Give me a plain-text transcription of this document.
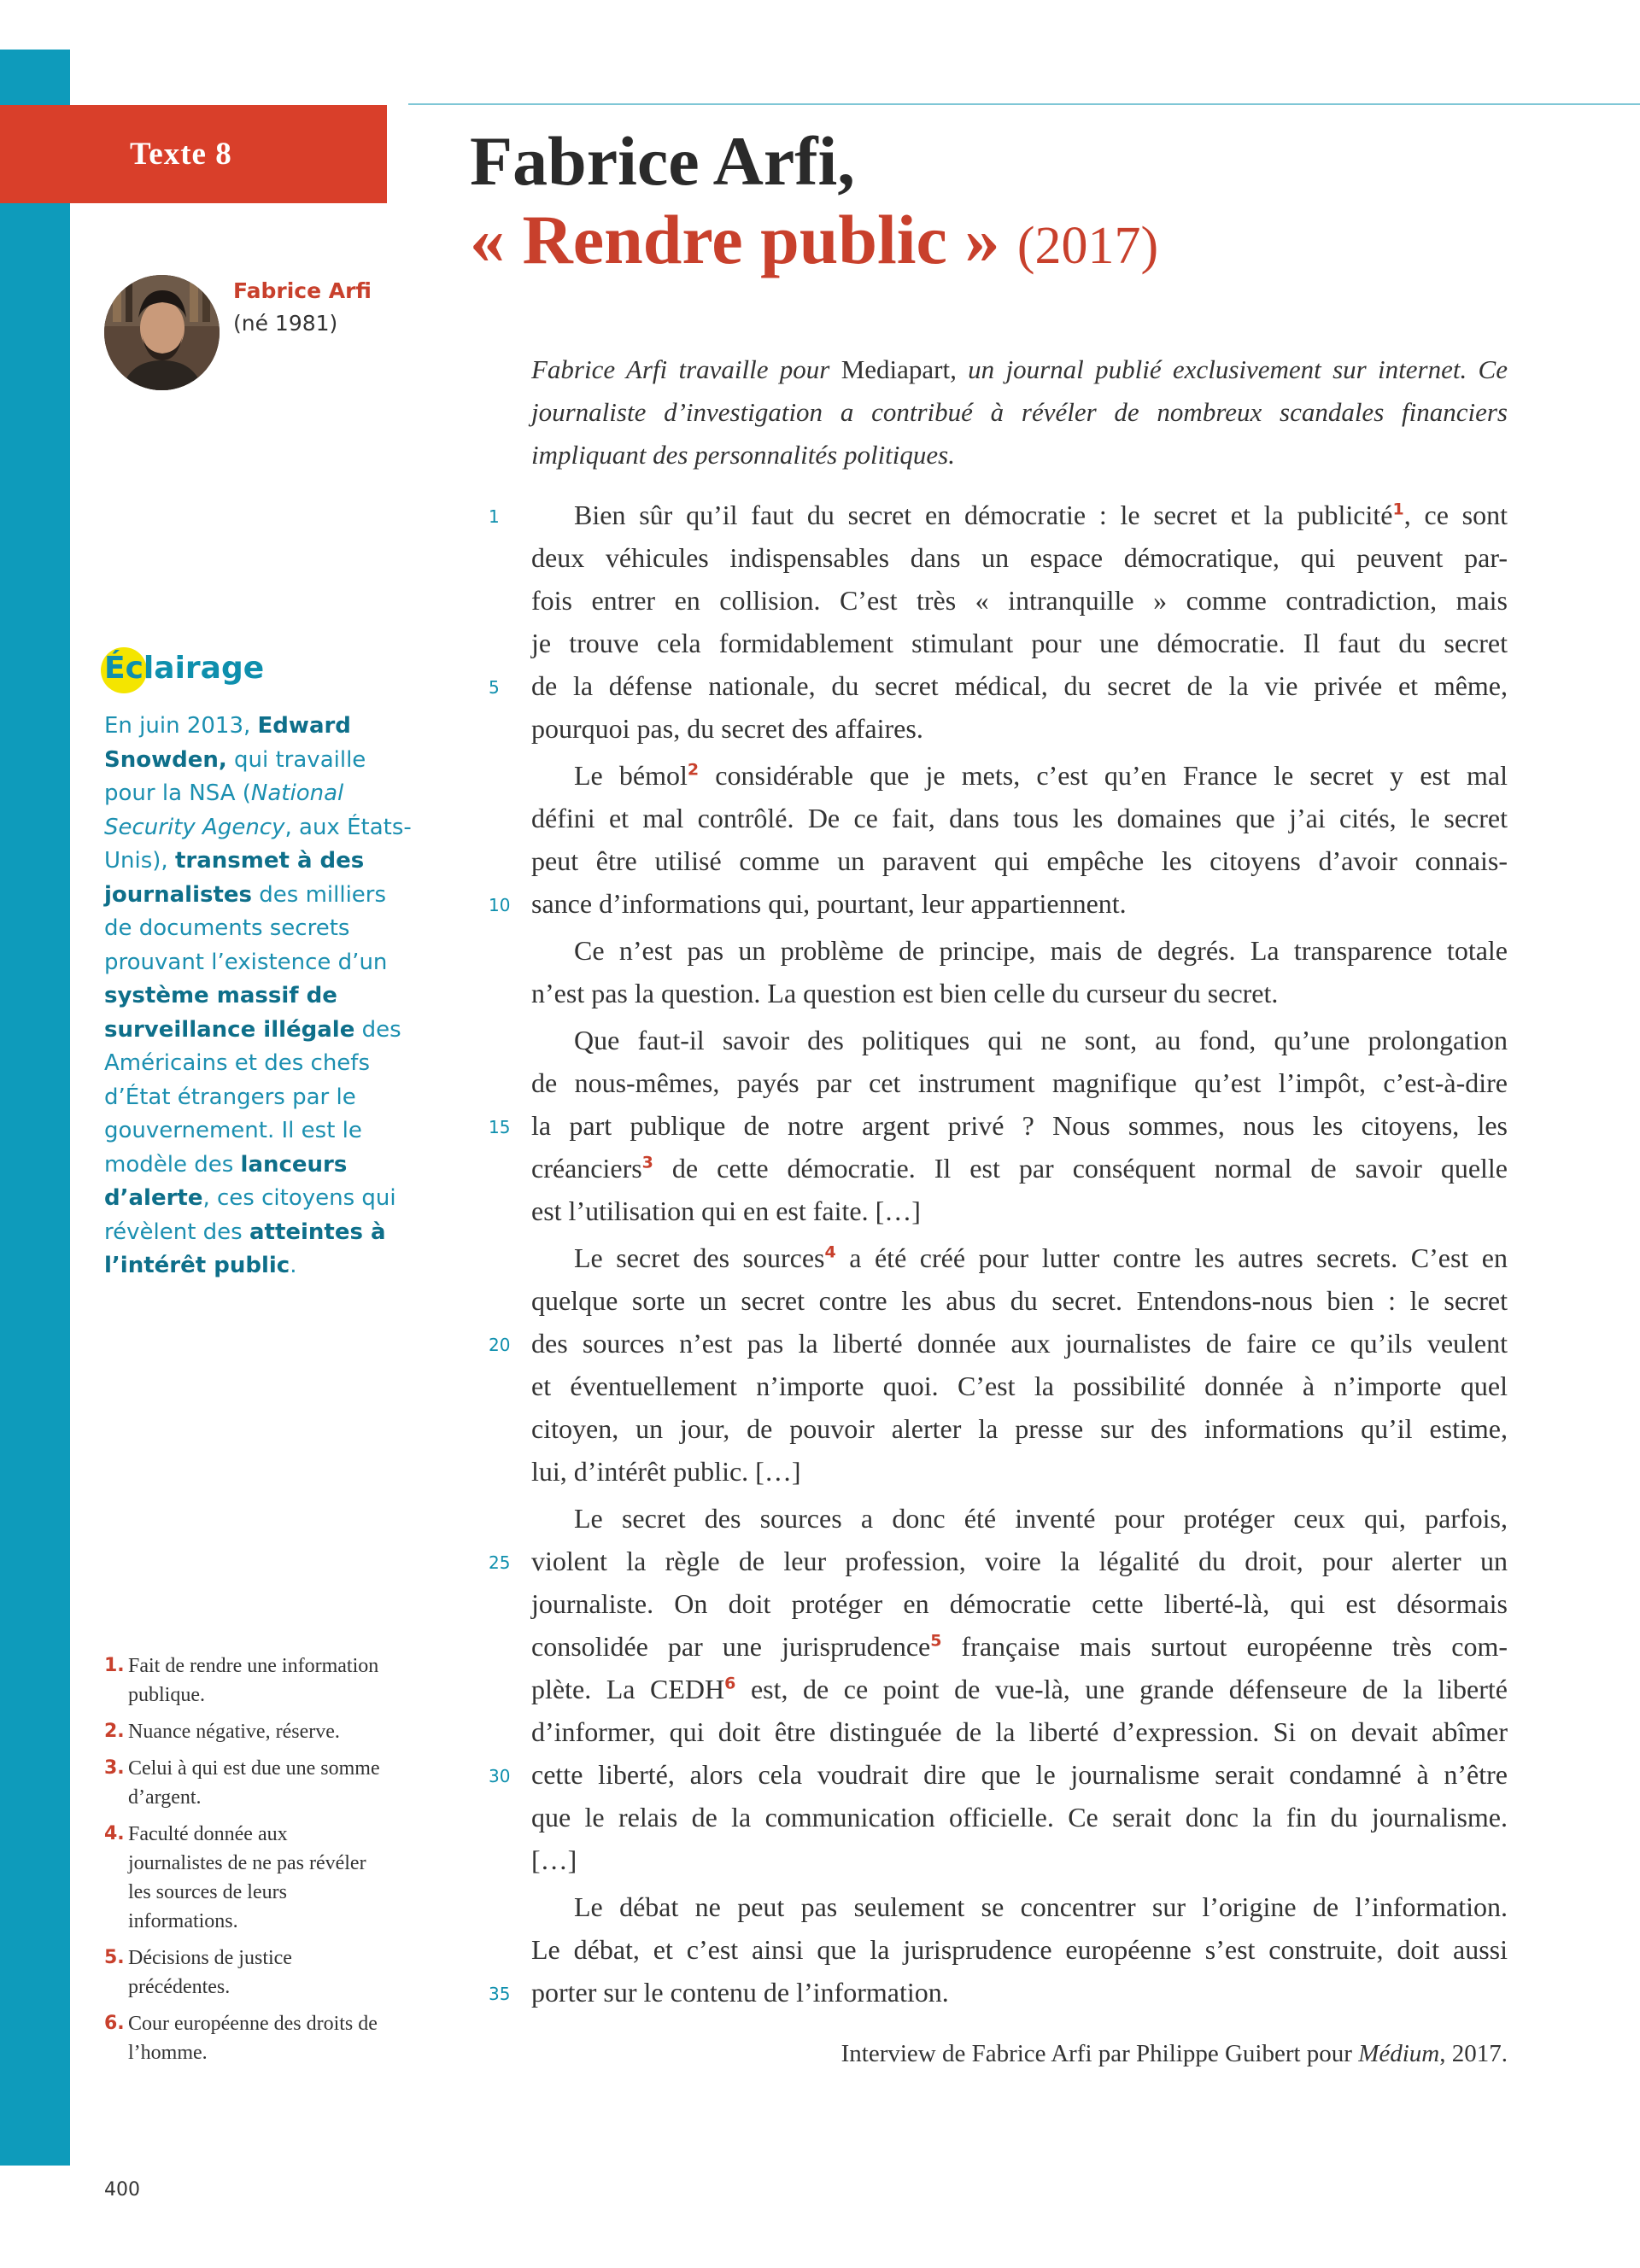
Texte 8	Fabrice Arfi,
« Rendre public » (2017)
Fabrice Arfi
(né 1981)
Éclairage
En juin 2013, Edward Snowden, qui travaille pour la NSA (National Security Agency, aux États-Unis), transmet à des journalistes des milliers de documents secrets prouvant l’existence d’un système massif de surveillance illégale des Américains et des chefs d’État étrangers par le gouvernement. Il est le modèle des lanceurs d’alerte, ces citoyens qui révèlent des atteintes à l’intérêt public.
1. Fait de rendre une information publique.
2. Nuance négative, réserve.
3. Celui à qui est due une somme d’argent.
4. Faculté donnée aux journalistes de ne pas révéler les sources de leurs informations.
5. Décisions de justice précédentes.
6. Cour européenne des droits de l’homme.
Fabrice Arfi travaille pour Mediapart, un journal publié exclusivement sur internet. Ce journaliste d’investigation a contribué à révéler de nombreux scandales financiers impliquant des personnalités politiques.
1	Bien sûr qu’il faut du secret en démocratie : le secret et la publicité$^1$, ce sont
deux véhicules indispensables dans un espace démocratique, qui peuvent par-
fois entrer en collision. C’est très « intranquille » comme contradiction, mais
je trouve cela formidablement stimulant pour une démocratie. Il faut du secret
5	de la défense nationale, du secret médical, du secret de la vie privée et même,
pourquoi pas, du secret des affaires.
Le bémol$^2$ considérable que je mets, c’est qu’en France le secret y est mal
défini et mal contrôlé. De ce fait, dans tous les domaines que j’ai cités, le secret
peut être utilisé comme un paravent qui empêche les citoyens d’avoir connais-
10 sance d’informations qui, pourtant, leur appartiennent.
Ce n’est pas un problème de principe, mais de degrés. La transparence totale
n’est pas la question. La question est bien celle du curseur du secret.
Que faut-il savoir des politiques qui ne sont, au fond, qu’une prolongation
de nous-mêmes, payés par cet instrument magnifique qu’est l’impôt, c’est-à-dire
15 la part publique de notre argent privé ? Nous sommes, nous les citoyens, les
créanciers$^3$ de cette démocratie. Il est par conséquent normal de savoir quelle
est l’utilisation qui en est faite. […]
Le secret des sources$^4$ a été créé pour lutter contre les autres secrets. C’est en
quelque sorte un secret contre les abus du secret. Entendons-nous bien : le secret
20 des sources n’est pas la liberté donnée aux journalistes de faire ce qu’ils veulent
et éventuellement n’importe quoi. C’est la possibilité donnée à n’importe quel
citoyen, un jour, de pouvoir alerter la presse sur des informations qu’il estime,
lui, d’intérêt public. […]
Le secret des sources a donc été inventé pour protéger ceux qui, parfois,
25 violent la règle de leur profession, voire la légalité du droit, pour alerter un
journaliste. On doit protéger en démocratie cette liberté-là, qui est désormais
consolidée par une jurisprudence$^5$ française mais surtout européenne très com-
plète. La CEDH$^6$ est, de ce point de vue-là, une grande défenseure de la liberté
d’informer, qui doit être distinguée de la liberté d’expression. Si on devait abîmer
30 cette liberté, alors cela voudrait dire que le journalisme serait condamné à n’être
que le relais de la communication officielle. Ce serait donc la fin du journalisme.
[…]
Le débat ne peut pas seulement se concentrer sur l’origine de l’information.
Le débat, et c’est ainsi que la jurisprudence européenne s’est construite, doit aussi
35 porter sur le contenu de l’information.
Interview de Fabrice Arfi par Philippe Guibert pour Médium, 2017.
400
